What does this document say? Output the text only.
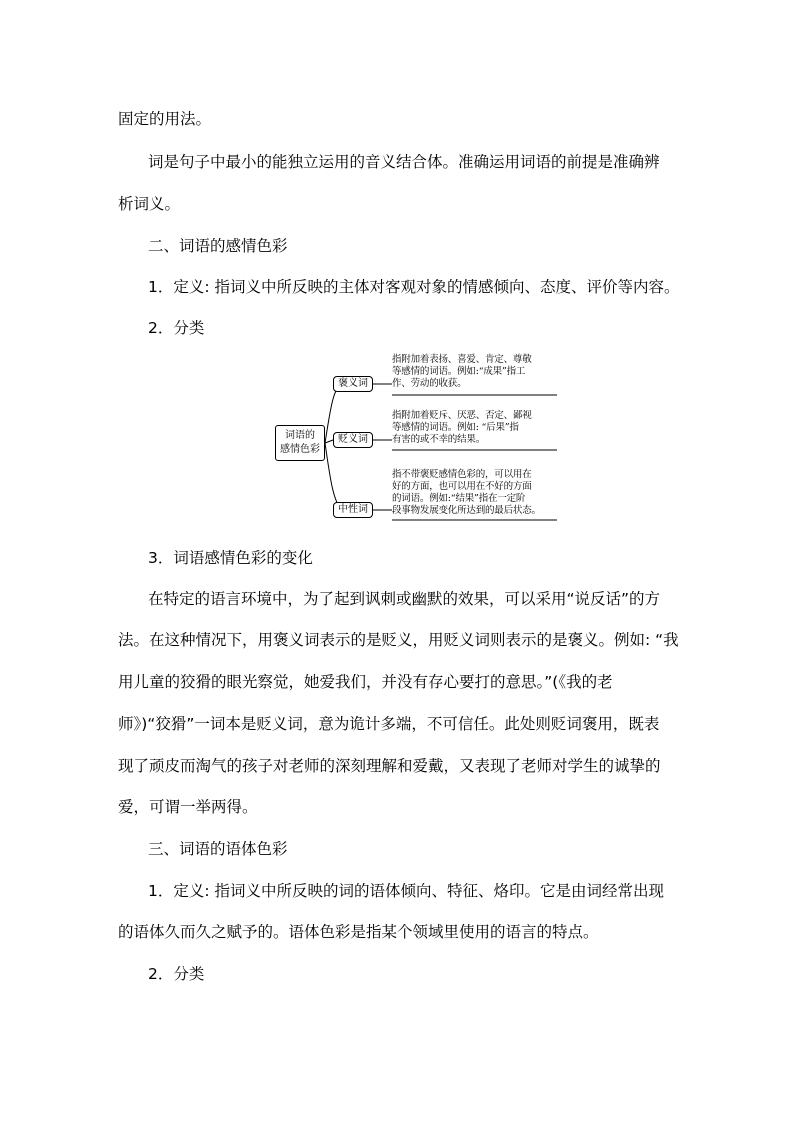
固定的用法。
词是句子中最小的能独立运用的音义结合体。准确运用词语的前提是准确辨
析词义。
二、词语的感情色彩
1．定义: 指词义中所反映的主体对客观对象的情感倾向、态度、评价等内容。
2．分类
词语的
感情色彩
褒义词
贬义词
中性词
指附加着表扬、喜爱、肯定、尊敬
等感情的词语。例如:“成果”指工
作、劳动的收获。
指附加着贬斥、厌恶、否定、鄙视
等感情的词语。例如: “后果”指
有害的或不幸的结果。
指不带褒贬感情色彩的，可以用在
好的方面，也可以用在不好的方面
的词语。例如:“结果”指在一定阶
段事物发展变化所达到的最后状态。
3．词语感情色彩的变化
在特定的语言环境中，为了起到讽刺或幽默的效果，可以采用“说反话”的方
法。在这种情况下，用褒义词表示的是贬义，用贬义词则表示的是褒义。例如: “我
用儿童的狡猾的眼光察觉，她爱我们，并没有存心要打的意思。”(《我的老
师》)“狡猾”一词本是贬义词，意为诡计多端，不可信任。此处则贬词褒用，既表
现了顽皮而淘气的孩子对老师的深刻理解和爱戴，又表现了老师对学生的诚挚的
爱，可谓一举两得。
三、词语的语体色彩
1．定义: 指词义中所反映的词的语体倾向、特征、烙印。它是由词经常出现
的语体久而久之赋予的。语体色彩是指某个领域里使用的语言的特点。
2．分类
